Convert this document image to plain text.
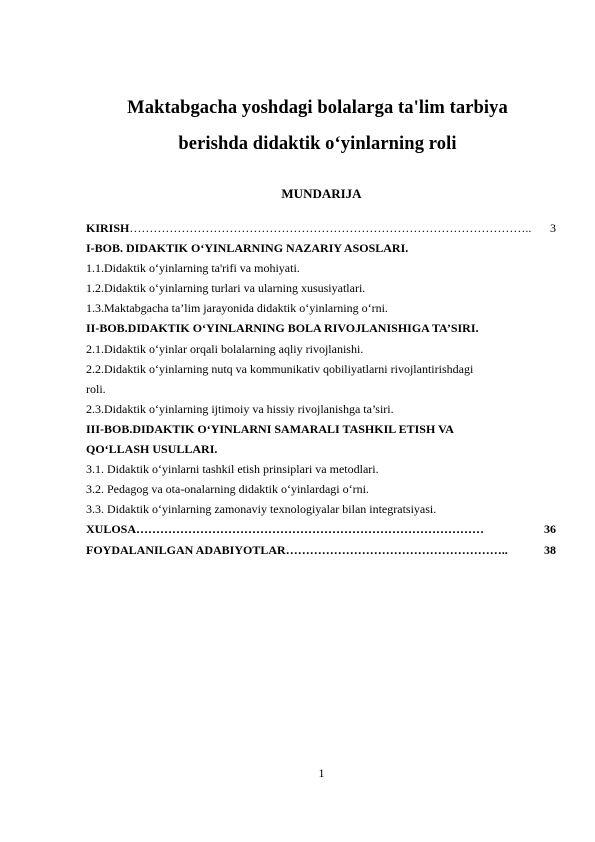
Maktabgacha yoshdagi bolalarga ta'lim tarbiya
berishda didaktik o‘yinlarning roli
MUNDARIJA
KIRISH ………………………………………………………………………………………..	3
I-BOB. DIDAKTIK O‘YINLARNING NAZARIY ASOSLARI.
1.1.Didaktik o‘yinlarning ta'rifi va mohiyati.
1.2.Didaktik o‘yinlarning turlari va ularning xususiyatlari.
1.3.Maktabgacha ta’lim jarayonida didaktik o‘yinlarning o‘rni.
II-BOB.DIDAKTIK O‘YINLARNING BOLA RIVOJLANISHIGA TA’SIRI.
2.1.Didaktik o‘yinlar orqali bolalarning aqliy rivojlanishi.
2.2.Didaktik o‘yinlarning nutq va kommunikativ qobiliyatlarni rivojlantirishdagi
roli.
2.3.Didaktik o‘yinlarning ijtimoiy va hissiy rivojlanishga ta’siri.
III-BOB.DIDAKTIK O‘YINLARNI SAMARALI TASHKIL ETISH VA
QO‘LLASH USULLARI.
3.1. Didaktik o‘yinlarni tashkil etish prinsiplari va metodlari.
3.2. Pedagog va ota-onalarning didaktik o‘yinlardagi o‘rni.
3.3. Didaktik o‘yinlarning zamonaviy texnologiyalar bilan integratsiyasi.
XULOSA ……………………………………………………………………………	36
FOYDALANILGAN ADABIYOTLAR ………………………………………………..	38
1
